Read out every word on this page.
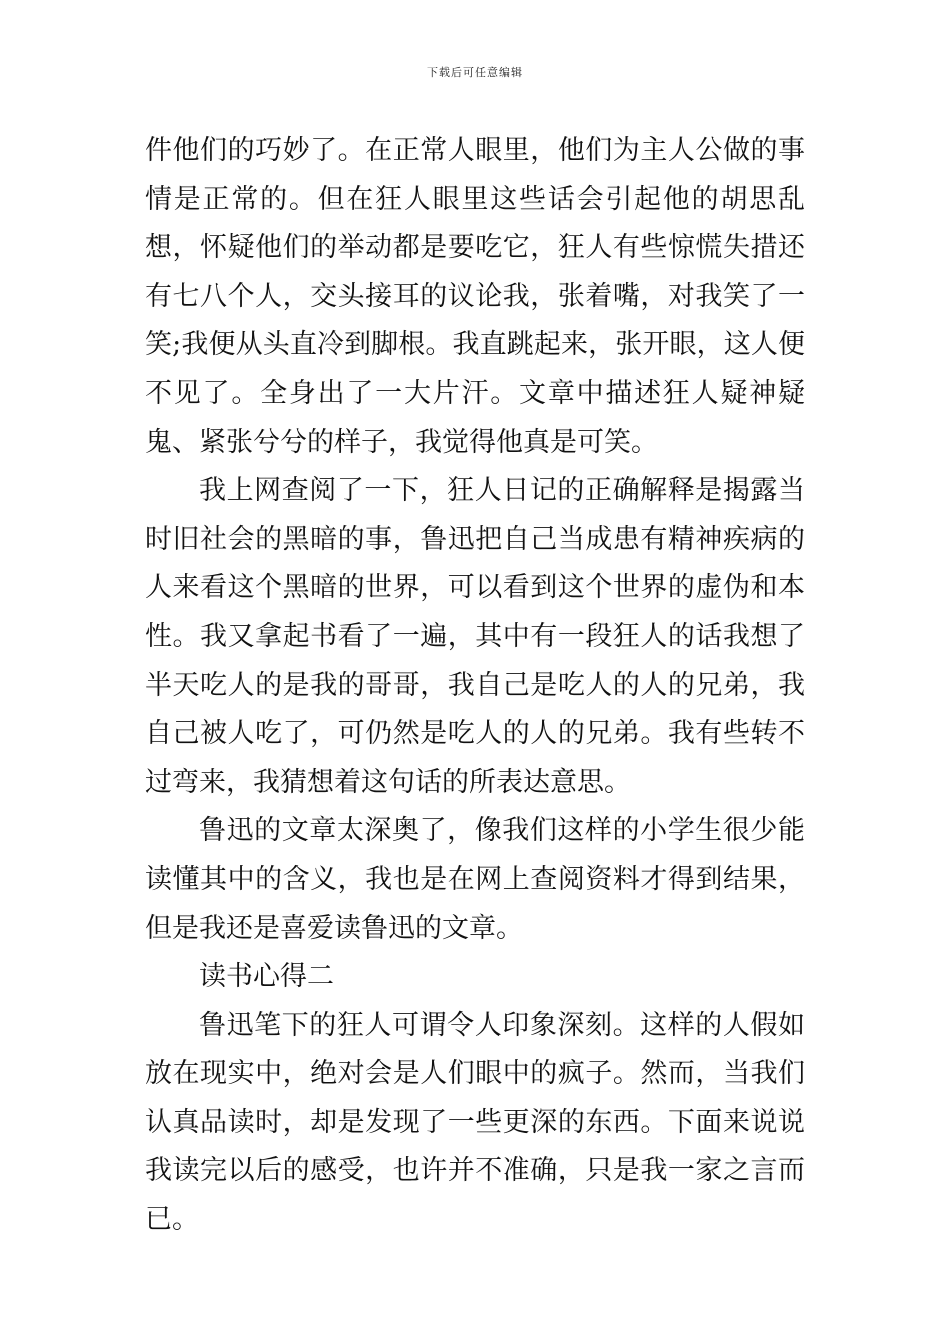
下载后可任意编辑

件他们的巧妙了。在正常人眼里，他们为主人公做的事情是正常的。但在狂人眼里这些话会引起他的胡思乱想，怀疑他们的举动都是要吃它，狂人有些惊慌失措还有七八个人，交头接耳的议论我，张着嘴，对我笑了一笑;我便从头直冷到脚根。我直跳起来，张开眼，这人便不见了。全身出了一大片汗。文章中描述狂人疑神疑鬼、紧张兮兮的样子，我觉得他真是可笑。

我上网查阅了一下，狂人日记的正确解释是揭露当时旧社会的黑暗的事，鲁迅把自己当成患有精神疾病的人来看这个黑暗的世界，可以看到这个世界的虚伪和本性。我又拿起书看了一遍，其中有一段狂人的话我想了半天吃人的是我的哥哥，我自己是吃人的人的兄弟，我自己被人吃了，可仍然是吃人的人的兄弟。我有些转不过弯来，我猜想着这句话的所表达意思。

鲁迅的文章太深奥了，像我们这样的小学生很少能读懂其中的含义，我也是在网上查阅资料才得到结果，但是我还是喜爱读鲁迅的文章。

读书心得二

鲁迅笔下的狂人可谓令人印象深刻。这样的人假如放在现实中，绝对会是人们眼中的疯子。然而，当我们认真品读时，却是发现了一些更深的东西。下面来说说我读完以后的感受，也许并不准确，只是我一家之言而已。
